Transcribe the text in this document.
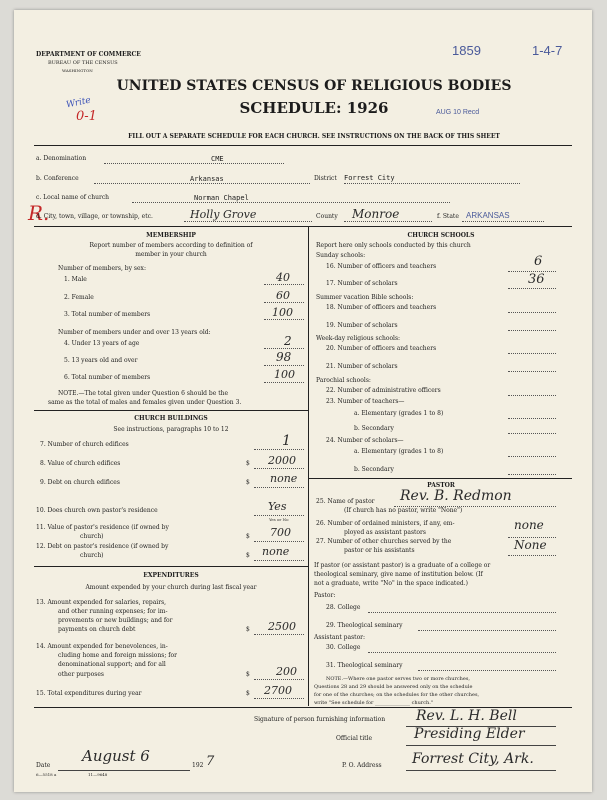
DEPARTMENT OF COMMERCE
BUREAU OF THE CENSUS
WASHINGTON
1859	1-4-7
UNITED STATES CENSUS OF RELIGIOUS BODIES
SCHEDULE: 1926
Write
0-1	AUG 10 Recd
FILL OUT A SEPARATE SCHEDULE FOR EACH CHURCH. SEE INSTRUCTIONS ON THE BACK OF THIS SHEET
R.
a. Denomination	CME
b. Conference	Arkansas	District Forrest City
c. Local name of church	Norman Chapel
d. City, town, village, or township, etc.	Holly Grove	County Monroe	f. State ARKANSAS
MEMBERSHIP
Report number of members according to definition of
member in your church
Number of members, by sex:
1. Male	40
2. Female	60
3. Total number of members	100
Number of members under and over 13 years old:
4. Under 13 years of age	2
5. 13 years old and over	98
6. Total number of members	100
NOTE.—The total given under Question 6 should be the
same as the total of males and females given under Question 3.
CHURCH BUILDINGS
See instructions, paragraphs 10 to 12
7. Number of church edifices	1
8. Value of church edifices	$ 2000
9. Debt on church edifices	$ none
10. Does church own pastor's residence	Yes
Yes or No
11. Value of pastor's residence (if owned by
church)	$ 700
12. Debt on pastor's residence (if owned by
church)	$ none
EXPENDITURES
Amount expended by your church during last fiscal year
13. Amount expended for salaries, repairs,
and other running expenses; for im-
provements or new buildings; and for
payments on church debt	$ 2500
14. Amount expended for benevolences, in-
cluding home and foreign missions; for
denominational support; and for all
other purposes	$ 200
15. Total expenditures during year	$ 2700
CHURCH SCHOOLS
Report here only schools conducted by this church
Sunday schools:
16. Number of officers and teachers	6
17. Number of scholars	36
Summer vacation Bible schools:
18. Number of officers and teachers
19. Number of scholars
Week-day religious schools:
20. Number of officers and teachers
21. Number of scholars
Parochial schools:
22. Number of administrative officers
23. Number of teachers—
a. Elementary (grades 1 to 8)
b. Secondary
24. Number of scholars—
a. Elementary (grades 1 to 8)
b. Secondary
PASTOR
25. Name of pastor Rev. B. Redmon
(If church has no pastor, write "None")
26. Number of ordained ministers, if any, em-
ployed as assistant pastors
none
27. Number of other churches served by the
pastor or his assistants	None
If pastor (or assistant pastor) is a graduate of a college or
theological seminary, give name of institution below. (If
not a graduate, write "No" in the space indicated.)
Pastor:
28. College
29. Theological seminary
Assistant pastor:
30. College
31. Theological seminary
NOTE.—Where one pastor serves two or more churches,
Questions 28 and 29 should be answered only on the schedule
for one of the churches; on the schedules for the other churches,
write "See schedule for ______________ church."
Signature of person furnishing information Rev. L. H. Bell
Official title	Presiding Elder
Date
August 6
192 7	P. O. Address Forrest City, Ark.
6—5518 a	11—9648
